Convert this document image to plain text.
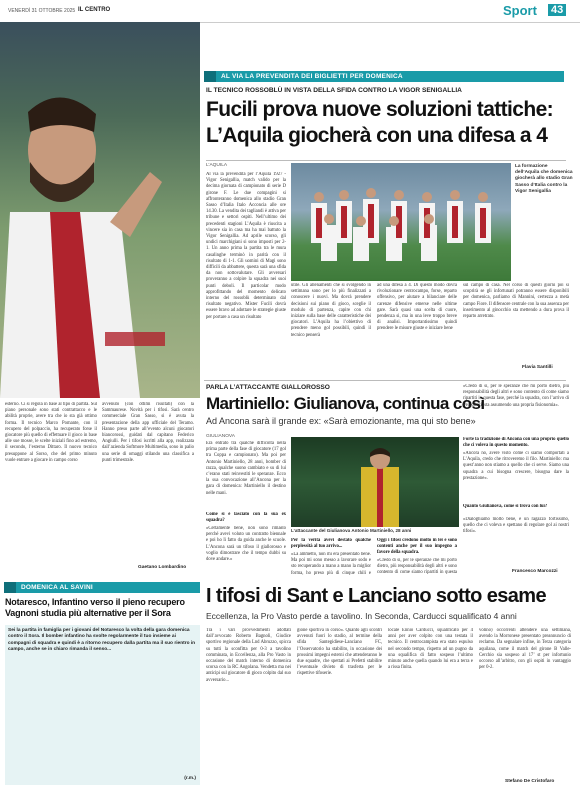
VENERDÌ 31 OTTOBRE 2025 IL CENTRO	Sport 43
AL VIA LA PREVENDITA DEI BIGLIETTI PER DOMENICA
IL TECNICO ROSSOBLÙ IN VISTA DELLA SFIDA CONTRO LA VIGOR SENIGALLIA
Fucili prova nuove soluzioni tattiche:
L’Aquila giocherà con una difesa a 4
L’AQUILA	La formazione dell’Aquila che domenica giocherà allo stadio Gran Sasso d’Italia contro la Vigor Senigallia
Al via la prevendita per l’Aquila 1927 - Vigor Senigallia, match valido per la decima giornata di campionato di serie D girone F. Le due compagini si affronteranno domenica allo stadio Gran Sasso d’Italia Italo Acconcia alle ore 14.30. La vendita dei tagliandi è attiva per tribune e settori ospiti. Nell’ultimo dei precedenti stagioni L’Aquila è riuscita a vincere sia in casa ma ha mai battuto la Vigor Senigallia. Ad aprile scorso, gli undici marchigiani si sono imposti per 2-1. Un anno prima la partita tra le mura casalinghe terminò in parità con il risultato di 1-1. Gli uomini di Magi sono difficili da abbattere, questa sarà una sfida da non sottovalutare. Gli avversari proveranno a colpire la squadra nei suoi punti deboli. Il particolar modo approfittando del momento delicato interno del rossoblù determinato dal risultato negativo. Mister Fucili dovrà essere bravo ad adottare le strategie giuste per portare a casa un risultato
utile. Gli allenamenti che si svolgendo in settimana sono per lo più finalizzati a conoscere i nuovi. Ma dovrà prendere decisioni sui piano di gioco, sceglie il modulo di partenza, capire con chi iniziare sulla base delle caratteristiche dei giocatori. L’Aquila ha l’obiettivo di prendere meno gol possibili, quindi il tecnico penserà
ad una difesa a 4. Di questo modo dovrà rivoluzionare centrocampo, forse, reparto offensivo, per aiutare a bilanciare delle carenze difensive emerse nelle ultime gare. Sarà quasi una scelta di cuore, pendenza si, ma in una leve troppo breve di analisi. Importantissimo quindi prendere le misure giuste e iniziare bene
sul campo di casa. Nel corso di questi giorni poi si scoprirà se gli infortunati potranno essere disponibili per domenica, parliamo di Mannini, certezza a metà campo Fiore. Il difensore centrale con la sua assenza per inserimento al ginocchio sta mettendo a dura prova il reparto arretrato.
Flavia Santilli
PARLA L’ATTACCANTE GIALLOROSSO
Martiniello: Giulianova, continua così
Ad Ancona sarà il grande ex: «Sarà emozionante, ma qui sto bene»
GIULIANOVA
Era entrato tra qualche difficoltà nella prima parte della fase di giocatore (17 gol tra Coppa e campionato). Ma poi per Antonio Martiniello, 28 anni, bomber di razza, qualche suono cambiato e su di lui c’erano stati reinvestiti le speranze. Ecco la sua convocazione all’Ancona per la gara di domenica: Martiniello il destino nelle mani.
Come si è lasciato con la sua ex squadra?
«Certamente bene, non sono rimasto perché avevi voluto un contratto biennale e poi ho lì fatto da guida anche le scuole. L’Ancona sarà un tifoso il giallorosso e voglio dimostrare che il tempo dubbi su dove andare.»
L’attaccante del Giulianova Antonio Martiniello, 28 anni
Per la verità avevi destato qualche perplessità al tuo arrivo...
«La ammetto, non mi era presentato bene. Ma poi mi sono messo a lavorare sodo e sto recuperando a mano a mano la miglior forma, ho preso più di cinque chili e
Oggi i tifosi credono molto in lei e sono contenti anche per il suo impegno a favore della squadra.
«Credo di sì, per le speranze che mi porto dietro, più responsabilità degli altri e sono contento di come siamo ripartiti in questa
«Credo di sì, per le speranze che mi porto dietro, più responsabilità degli altri e sono contento di come siamo ripartiti in questa fase, perché la squadra, con l’arrivo di Pergolizzi, sta assumendo una propria fisionomia».
Forte la tradizione di Ancona con una proprio quello che ci voleva in questo momento.
«Ancora no, avere visto come ci siamo comportati a L’Aquila, credo che ritroveremo il filo. Martiniello: ma quest’anno non stiamo a quello che ci serve. Siamo una squadra a cui bisogna crescere, bisogna dare la prestazione».
Quanto Giulianova, come si trova con lui?
«Dialoghiamo molto bene, è un ragazzo fortissimo, quello che ci voleva e spettano di regolare gol ai nostri tifosi».
Francesco Marcozzi
esterno. Ci si regola in base al tipo di partita. Sul piano personale sono stati contrattacco e le abilità proprie, avere tra che io sta già ottimo forma. Il tecnico Marco Pomante, con il recupero del polpaccio, ha recuperato forse il giocatore più quello di effettuare il gioco in base alle sue mosse, le scelte iniziali fino ad estremo, il secondo, l’esterno Dittaro. Il nuovo tecnico presuppone al Sorso, che del primo minuto vuole entrare a giocare in campo corso
avvenuto (con ottimi risultati) con la Sammaurese. Novità per i tifosi. Sarà centro commerciale Gran Sasso, si è avuta la presentazione della app ufficiale del Teramo. Hanno preso parte all’evento alcuni giocatori biancorossi, guidati dal capitano Federico Angiulli. Per i tifosi iscritti alla app, realizzata dall’azienda Softmore Multimedia, sono in palio una serie di omaggi stilando una classifica a punti trimestrale.
Gaetano Lombardino
DOMENICA AL SAVINI
Notaresco, Infantino verso il pieno recupero Vagnoni studia più alternative per il Sora
Sei la partita in famiglia per i giovani del Notaresco la volta della gara domenica contro il Sora. Il bomber infantino ha svolte regolarmente il tuo insieme ai compagni di squadra e quindi è a ritorno recupero dalla partita ma il suo rientro in campo, anche se in chiaro rimanda il senso...
(r.m.)
I tifosi di Sant e Lanciano sotto esame
Eccellenza, la Pro Vasto perde a tavolino. In Seconda, Carducci squalificato 4 anni
Tra i vari provvedimenti adottati dall’avvocato Roberto Bagnoli, Giudice sportivo regionale della Lnd Abruzzo, spicca su tutti la sconfitta per 0-3 a tavolino comminata, in Eccellenza, alla Pro Vasto in occasione del match interno di domenica scorsa con la RC Angolana. Vendetta ma nei anticipi sul giocatore di gioco colpito dal suo avversario...
gione sportiva in corso». Quanto agli scontri avvenuti fuori lo stadio, al termine della sfida Santegidiese-Lanciano FC, l’Osservatorio ha stabilito, in occasione dei prossimi impegni esterni che attenderanno le due squadre, che spettati ai Prefetti stabilire l’eventuale divieto di trasferta per le rispettive tifoserie.
locale Ennio Carducci, squalificato per 4 anni per aver colpito con una testata il tecnico. Il centrocampista era stato espulso nel secondo tempo, rispetto ad un pugno da una squalifica di fatto sospeso l’ultimo minuto anche quella quando lui era a terra e a rissa finita.
volino) occorrenti attendere una settimana, avendo la Morronese presentato preannuncio di reclamo. Da segnalare infine, in Terza categoria aquilana, come il match del girone B Valle-Cerchio sia sospeso al 17’ st per infortunio occorso all’arbitro, con gli ospiti in vantaggio per 0-2.
Stefano De Cristofaro
